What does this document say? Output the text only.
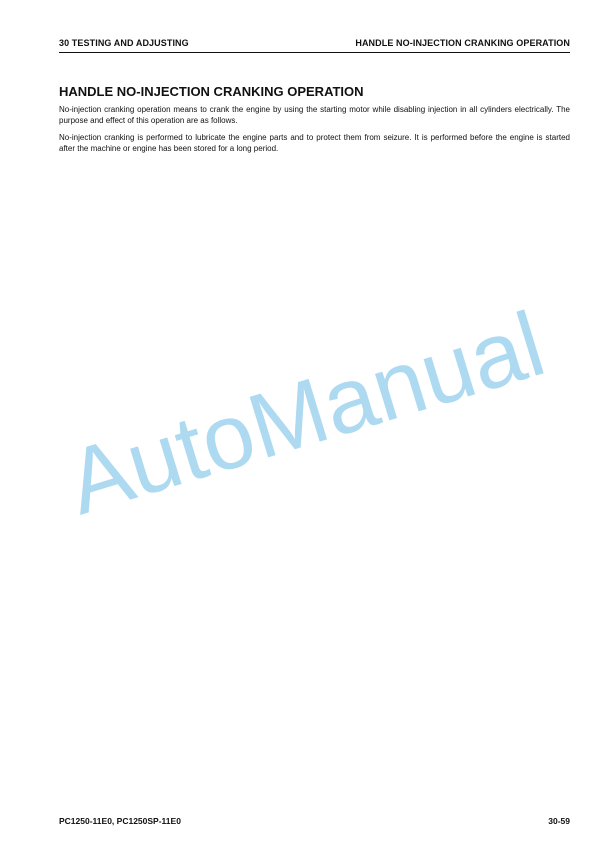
30 TESTING AND ADJUSTING	HANDLE NO-INJECTION CRANKING OPERATION
HANDLE NO-INJECTION CRANKING OPERATION

No-injection cranking operation means to crank the engine by using the starting motor while disabling injection in all cylinders electrically. The purpose and effect of this operation are as follows.

No-injection cranking is performed to lubricate the engine parts and to protect them from seizure. It is performed before the engine is started after the machine or engine has been stored for a long period.

AutoManual
PC1250-11E0, PC1250SP-11E0	30-59
